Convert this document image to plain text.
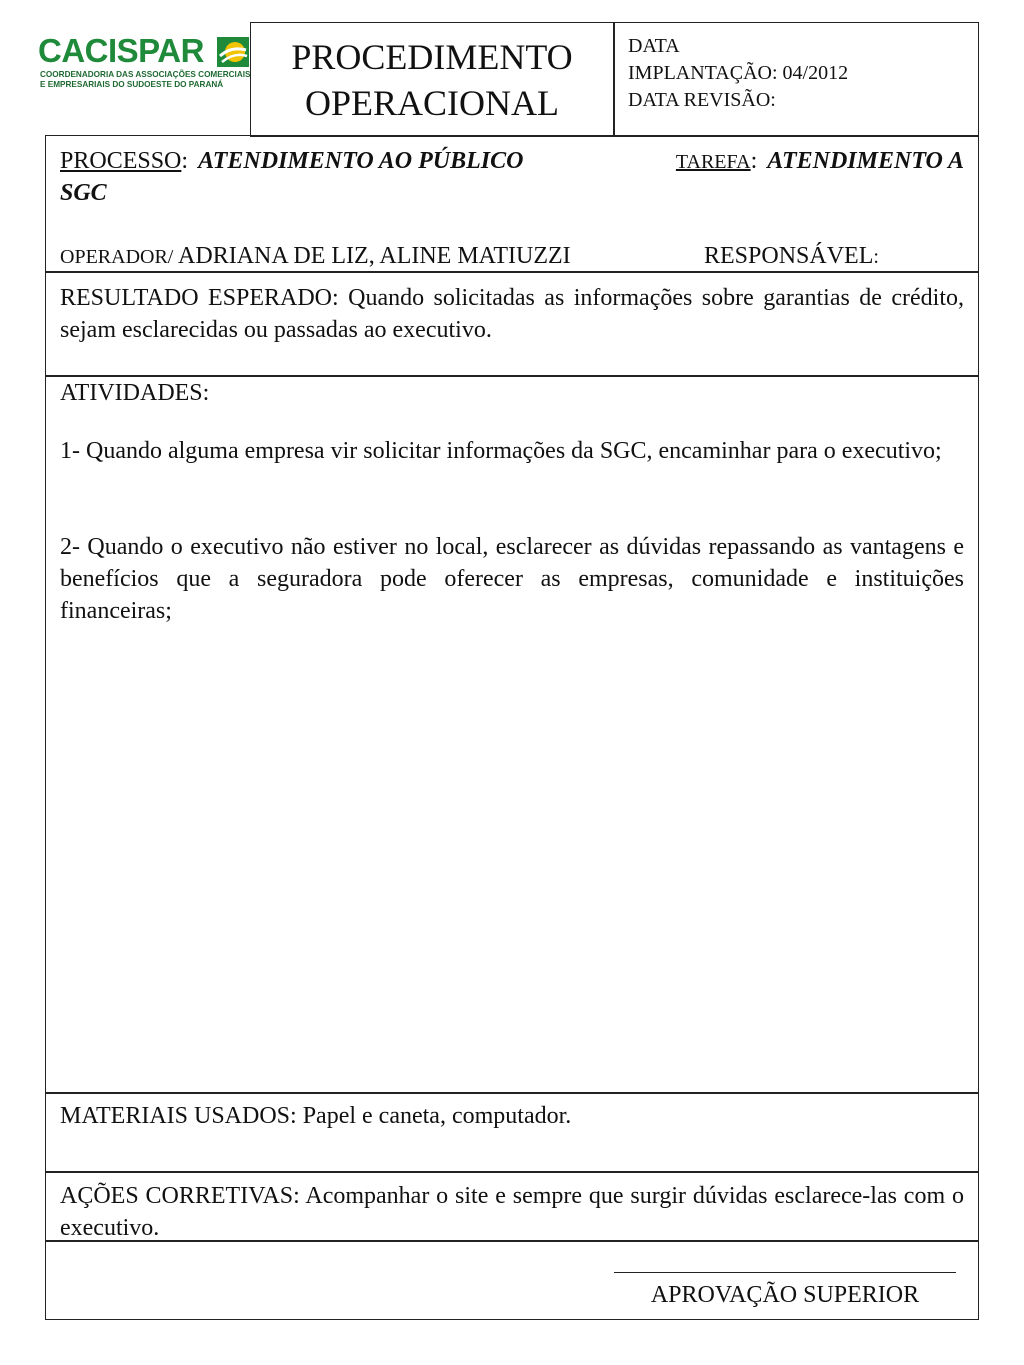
CACISPAR
COORDENADORIA DAS ASSOCIAÇÕES COMERCIAIS
E EMPRESARIAIS DO SUDOESTE DO PARANÁ
PROCEDIMENTO
OPERACIONAL
DATA
IMPLANTAÇÃO: 04/2012
DATA REVISÃO:
PROCESSO: ATENDIMENTO AO PÚBLICO	TAREFA: ATENDIMENTO A
SGC
OPERADOR/ ADRIANA DE LIZ, ALINE MATIUZZI	RESPONSÁVEL:
RESULTADO ESPERADO: Quando solicitadas as informações sobre garantias de crédito, sejam esclarecidas ou passadas ao executivo.
ATIVIDADES:
1- Quando alguma empresa vir solicitar informações da SGC, encaminhar para o executivo;
2- Quando o executivo não estiver no local, esclarecer as dúvidas repassando as vantagens e benefícios que a seguradora pode oferecer as empresas, comunidade e instituições financeiras;
MATERIAIS USADOS: Papel e caneta, computador.
AÇÕES CORRETIVAS: Acompanhar o site e sempre que surgir dúvidas esclarece-las com o executivo.
APROVAÇÃO SUPERIOR
